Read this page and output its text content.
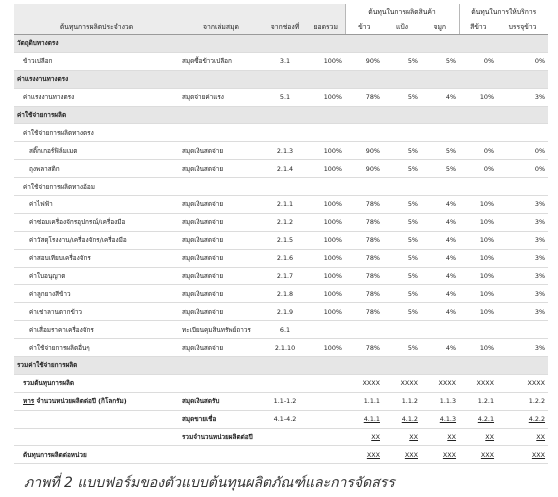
				ต้นทุนในการผลิตสินค้า			ต้นทุนในการให้บริการ	
ต้นทุนการผลิตประจำงวด	จากเล่มสมุด	จากช่องที่	ยอดรวม	ข้าว	แป้ง	จมูก	สีข้าว	บรรจุข้าว
วัตถุดิบทางตรง								
ข้าวเปลือก	สมุดซื้อข้าวเปลือก	3.1	100%	90%	5%	5%	0%	0%
ค่าแรงงานทางตรง								
ค่าแรงงานทางตรง	สมุดจ่ายค่าแรง	5.1	100%	78%	5%	4%	10%	3%
ค่าใช้จ่ายการผลิต								
ค่าใช้จ่ายการผลิตทางตรง								
สติ๊กเกอร์ฟิล์มเมต	สมุดเงินสดจ่าย	2.1.3	100%	90%	5%	5%	0%	0%
ถุงพลาสติก	สมุดเงินสดจ่าย	2.1.4	100%	90%	5%	5%	0%	0%
ค่าใช้จ่ายการผลิตทางอ้อม								
ค่าไฟฟ้า	สมุดเงินสดจ่าย	2.1.1	100%	78%	5%	4%	10%	3%
ค่าซ่อมเครื่องจักรอุปกรณ์/เครื่องมือ	สมุดเงินสดจ่าย	2.1.2	100%	78%	5%	4%	10%	3%
ค่าวัสดุโรงงาน/เครื่องจักร/เครื่องมือ	สมุดเงินสดจ่าย	2.1.5	100%	78%	5%	4%	10%	3%
ค่าสอบเทียบเครื่องจักร	สมุดเงินสดจ่าย	2.1.6	100%	78%	5%	4%	10%	3%
ค่าใบอนุญาต	สมุดเงินสดจ่าย	2.1.7	100%	78%	5%	4%	10%	3%
ค่าลูกยางสีข้าว	สมุดเงินสดจ่าย	2.1.8	100%	78%	5%	4%	10%	3%
ค่าเช่าลานตากข้าว	สมุดเงินสดจ่าย	2.1.9	100%	78%	5%	4%	10%	3%
ค่าเสื่อมราคาเครื่องจักร	ทะเบียนคุมสินทรัพย์ถาวร	6.1						
ค่าใช้จ่ายการผลิตอื่นๆ	สมุดเงินสดจ่าย	2.1.10	100%	78%	5%	4%	10%	3%
รวมค่าใช้จ่ายการผลิต								
รวมต้นทุนการผลิต				XXXX	XXXX	XXXX	XXXX	XXXX
หาร จำนวนหน่วยผลิตต่อปี (กิโลกรัม)	สมุดเงินสดรับ	1.1-1.2		1.1.1	1.1.2	1.1.3	1.2.1	1.2.2
	สมุดขายเชื่อ	4.1-4.2		4.1.1	4.1.2	4.1.3	4.2.1	4.2.2
	รวมจำนวนหน่วยผลิตต่อปี			XX	XX	XX	XX	XX
ต้นทุนการผลิตต่อหน่วย				XXX	XXX	XXX	XXX	XXX
ภาพที่ 2 แบบฟอร์มของตัวแบบต้นทุนผลิตภัณฑ์และการจัดสรร
